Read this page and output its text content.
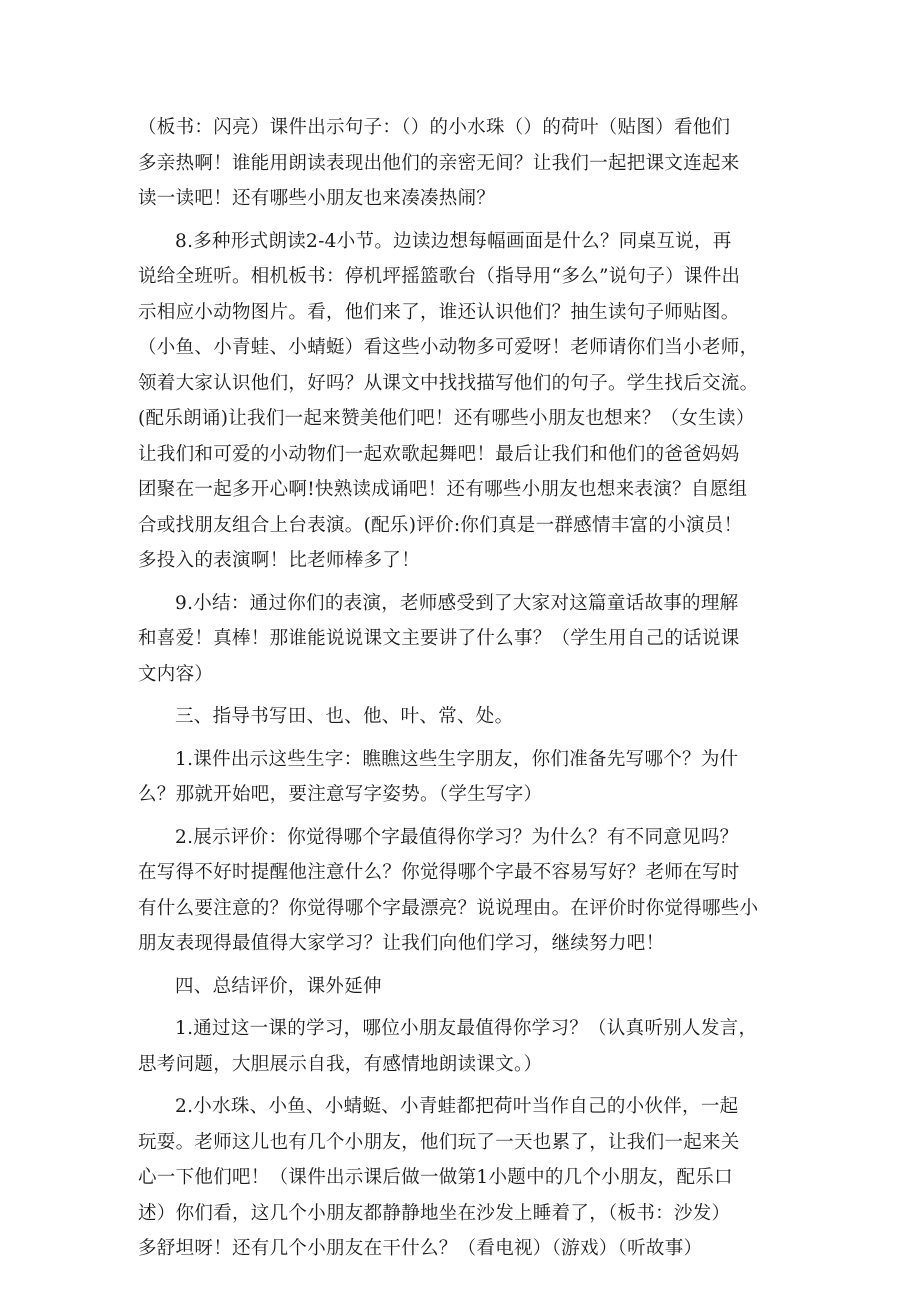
（板书：闪亮）课件出示句子：（）的小水珠（）的荷叶（贴图）看他们
多亲热啊！谁能用朗读表现出他们的亲密无间？让我们一起把课文连起来
读一读吧！还有哪些小朋友也来凑凑热闹？
8.多种形式朗读2-4小节。边读边想每幅画面是什么？同桌互说，再
说给全班听。相机板书：停机坪摇篮歌台（指导用“多么”说句子）课件出
示相应小动物图片。看，他们来了，谁还认识他们？抽生读句子师贴图。
（小鱼、小青蛙、小蜻蜓）看这些小动物多可爱呀！老师请你们当小老师，
领着大家认识他们，好吗？从课文中找找描写他们的句子。学生找后交流。
(配乐朗诵)让我们一起来赞美他们吧！还有哪些小朋友也想来？（女生读）
让我们和可爱的小动物们一起欢歌起舞吧！最后让我们和他们的爸爸妈妈
团聚在一起多开心啊!快熟读成诵吧！还有哪些小朋友也想来表演？自愿组
合或找朋友组合上台表演。(配乐)评价:你们真是一群感情丰富的小演员！
多投入的表演啊！比老师棒多了！
9.小结：通过你们的表演，老师感受到了大家对这篇童话故事的理解
和喜爱！真棒！那谁能说说课文主要讲了什么事？（学生用自己的话说课
文内容）
三、指导书写田、也、他、叶、常、处。
1.课件出示这些生字：瞧瞧这些生字朋友，你们准备先写哪个？为什
么？那就开始吧，要注意写字姿势。（学生写字）
2.展示评价：你觉得哪个字最值得你学习？为什么？有不同意见吗？
在写得不好时提醒他注意什么？你觉得哪个字最不容易写好？老师在写时
有什么要注意的？你觉得哪个字最漂亮？说说理由。在评价时你觉得哪些小
朋友表现得最值得大家学习？让我们向他们学习，继续努力吧！
四、总结评价，课外延伸
1.通过这一课的学习，哪位小朋友最值得你学习？（认真听别人发言，
思考问题，大胆展示自我，有感情地朗读课文。）
2.小水珠、小鱼、小蜻蜓、小青蛙都把荷叶当作自己的小伙伴，一起
玩耍。老师这儿也有几个小朋友，他们玩了一天也累了，让我们一起来关
心一下他们吧！（课件出示课后做一做第1小题中的几个小朋友，配乐口
述）你们看，这几个小朋友都静静地坐在沙发上睡着了，（板书：沙发）
多舒坦呀！还有几个小朋友在干什么？（看电视）（游戏）（听故事）
